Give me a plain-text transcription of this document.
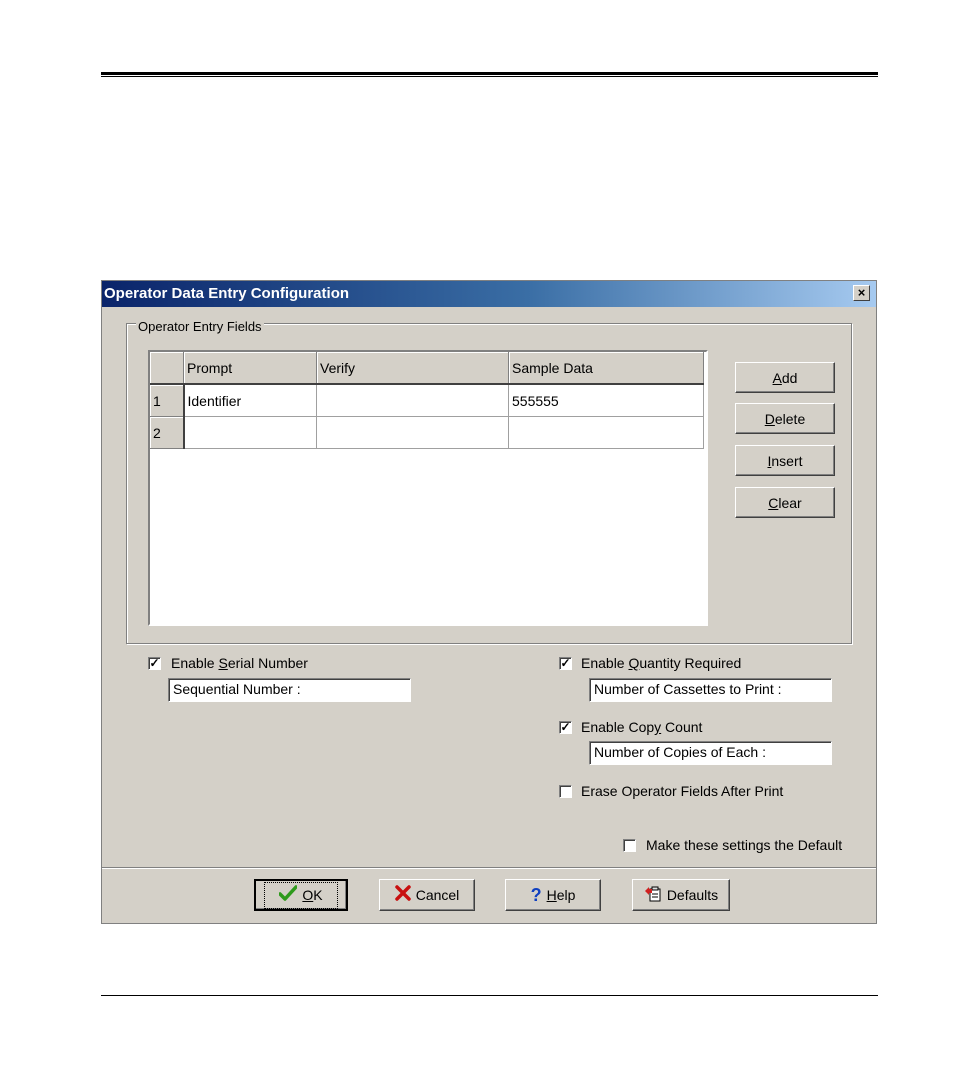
Operator Data Entry Configuration	×
Operator Entry Fields
	Prompt	Verify	Sample Data
1	Identifier		555555
2			
A dd
D elete
I nsert
C lear
✓ Enable Serial Number
Sequential Number :
✓ Enable Quantity Required
Number of Cassettes to Print :
✓ Enable Copy Count
Number of Copies of Each :
Erase Operator Fields After Print
Make these settings the Default
O K	Cancel	? H elp	Defaults
